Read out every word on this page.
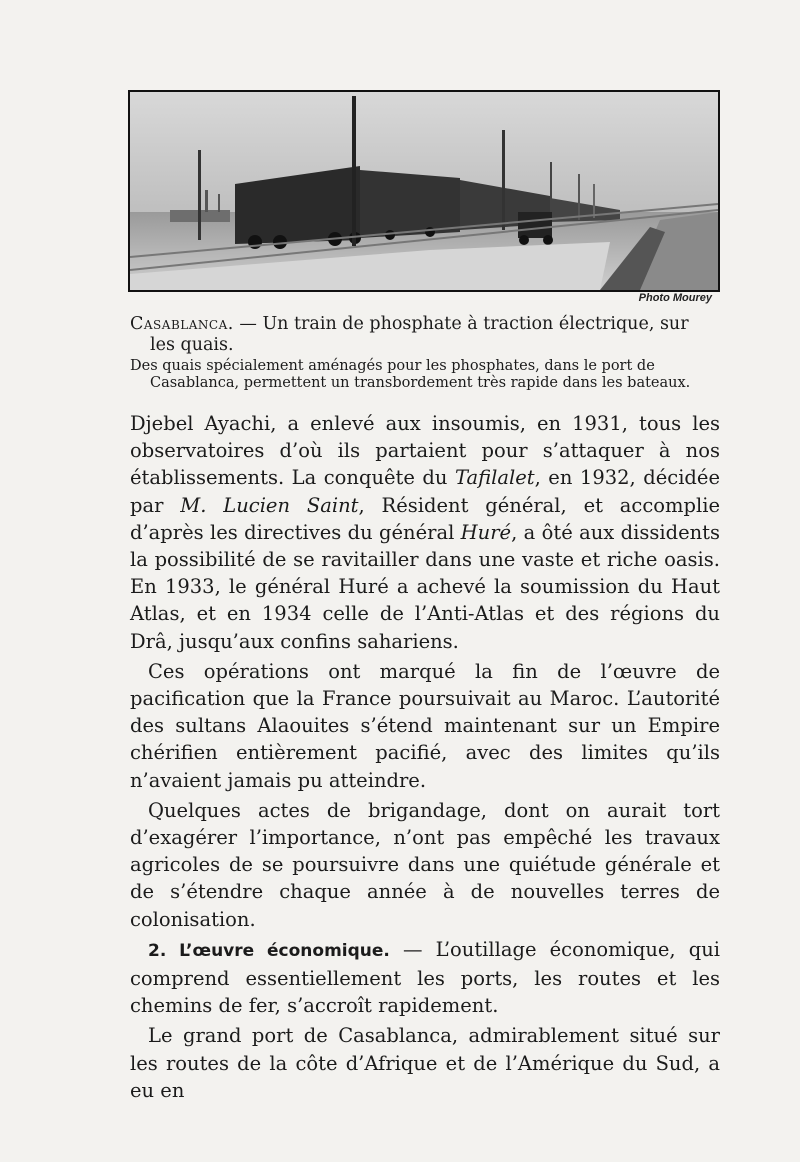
Photo Mourey
Casablanca. — Un train de phosphate à traction électrique, sur
les quais.
Des quais spécialement aménagés pour les phosphates, dans le port de
Casablanca, permettent un transbordement très rapide dans les bateaux.

Djebel Ayachi, a enlevé aux insoumis, en 1931, tous les observatoires d’où ils partaient pour s’attaquer à nos établissements. La conquête du Tafilalet, en 1932, décidée par M. Lucien Saint, Résident général, et accomplie d’après les directives du général Huré, a ôté aux dissidents la possibilité de se ravitailler dans une vaste et riche oasis. En 1933, le général Huré a achevé la soumission du Haut Atlas, et en 1934 celle de l’Anti-Atlas et des régions du Drâ, jusqu’aux confins sahariens.

Ces opérations ont marqué la fin de l’œuvre de pacification que la France poursuivait au Maroc. L’autorité des sultans Alaouites s’étend maintenant sur un Empire chérifien entièrement pacifié, avec des limites qu’ils n’avaient jamais pu atteindre.

Quelques actes de brigandage, dont on aurait tort d’exagérer l’importance, n’ont pas empêché les travaux agricoles de se poursuivre dans une quiétude générale et de s’étendre chaque année à de nouvelles terres de colonisation.

2. L’œuvre économique. — L’outillage économique, qui comprend essentiellement les ports, les routes et les chemins de fer, s’accroît rapidement.

Le grand port de Casablanca, admirablement situé sur les routes de la côte d’Afrique et de l’Amérique du Sud, a eu en
